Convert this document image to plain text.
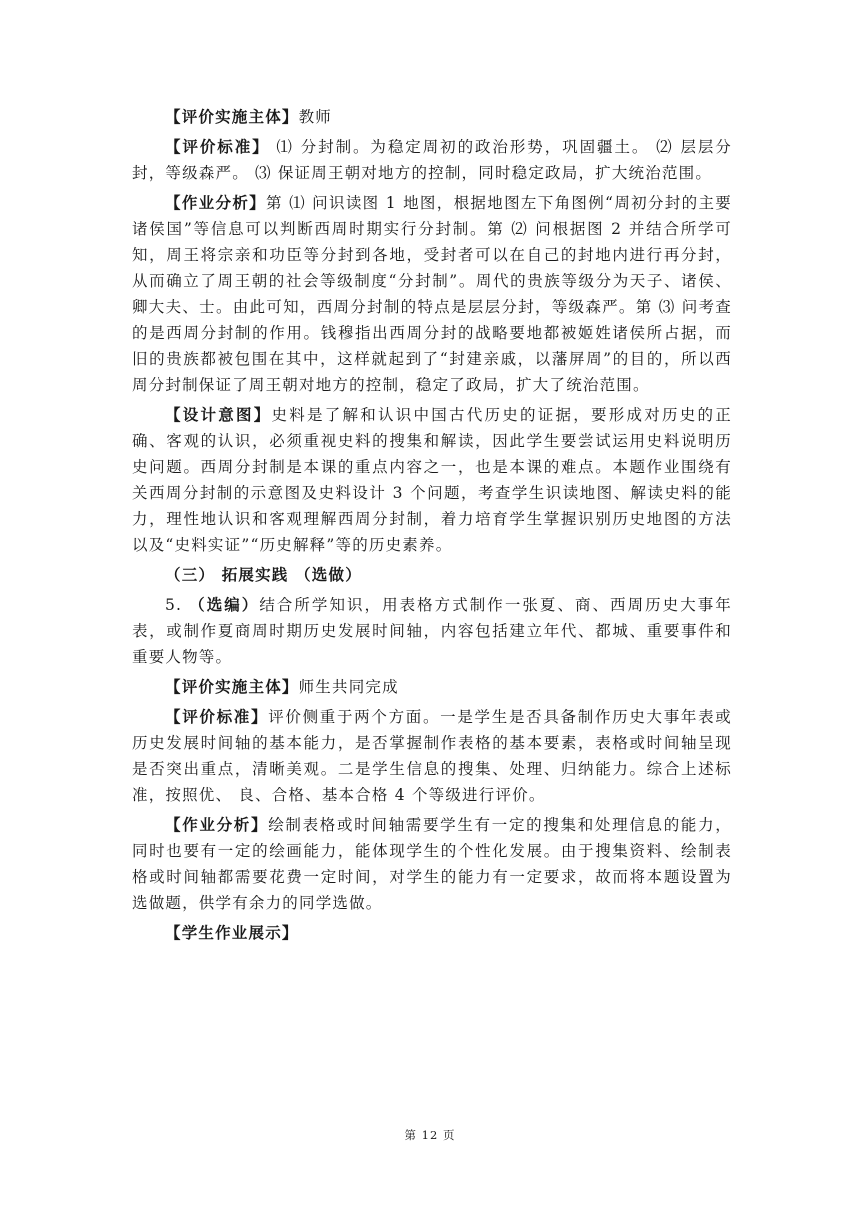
【评价实施主体】教师

【评价标准】 ⑴ 分封制。为稳定周初的政治形势，巩固疆土。 ⑵ 层层分封，等级森严。 ⑶ 保证周王朝对地方的控制，同时稳定政局，扩大统治范围。

【作业分析】第 ⑴ 问识读图 1 地图，根据地图左下角图例“周初分封的主要诸侯国”等信息可以判断西周时期实行分封制。第 ⑵ 问根据图 2 并结合所学可知，周王将宗亲和功臣等分封到各地，受封者可以在自己的封地内进行再分封，从而确立了周王朝的社会等级制度“分封制”。周代的贵族等级分为天子、诸侯、卿大夫、士。由此可知，西周分封制的特点是层层分封，等级森严。第 ⑶ 问考查的是西周分封制的作用。钱穆指出西周分封的战略要地都被姬姓诸侯所占据，而旧的贵族都被包围在其中，这样就起到了“封建亲戚，以藩屏周”的目的，所以西周分封制保证了周王朝对地方的控制，稳定了政局，扩大了统治范围。

【设计意图】史料是了解和认识中国古代历史的证据，要形成对历史的正确、客观的认识，必须重视史料的搜集和解读，因此学生要尝试运用史料说明历史问题。西周分封制是本课的重点内容之一，也是本课的难点。本题作业围绕有关西周分封制的示意图及史料设计 3 个问题，考查学生识读地图、解读史料的能力，理性地认识和客观理解西周分封制，着力培育学生掌握识别历史地图的方法以及“史料实证”“历史解释”等的历史素养。

（三） 拓展实践 （选做）

5. （选编）结合所学知识，用表格方式制作一张夏、商、西周历史大事年表，或制作夏商周时期历史发展时间轴，内容包括建立年代、都城、重要事件和重要人物等。

【评价实施主体】师生共同完成

【评价标准】评价侧重于两个方面。一是学生是否具备制作历史大事年表或历史发展时间轴的基本能力，是否掌握制作表格的基本要素，表格或时间轴呈现是否突出重点，清晰美观。二是学生信息的搜集、处理、归纳能力。综合上述标准，按照优、 良、合格、基本合格 4 个等级进行评价。

【作业分析】绘制表格或时间轴需要学生有一定的搜集和处理信息的能力，同时也要有一定的绘画能力，能体现学生的个性化发展。由于搜集资料、绘制表格或时间轴都需要花费一定时间，对学生的能力有一定要求，故而将本题设置为选做题，供学有余力的同学选做。

【学生作业展示】

第 12 页
